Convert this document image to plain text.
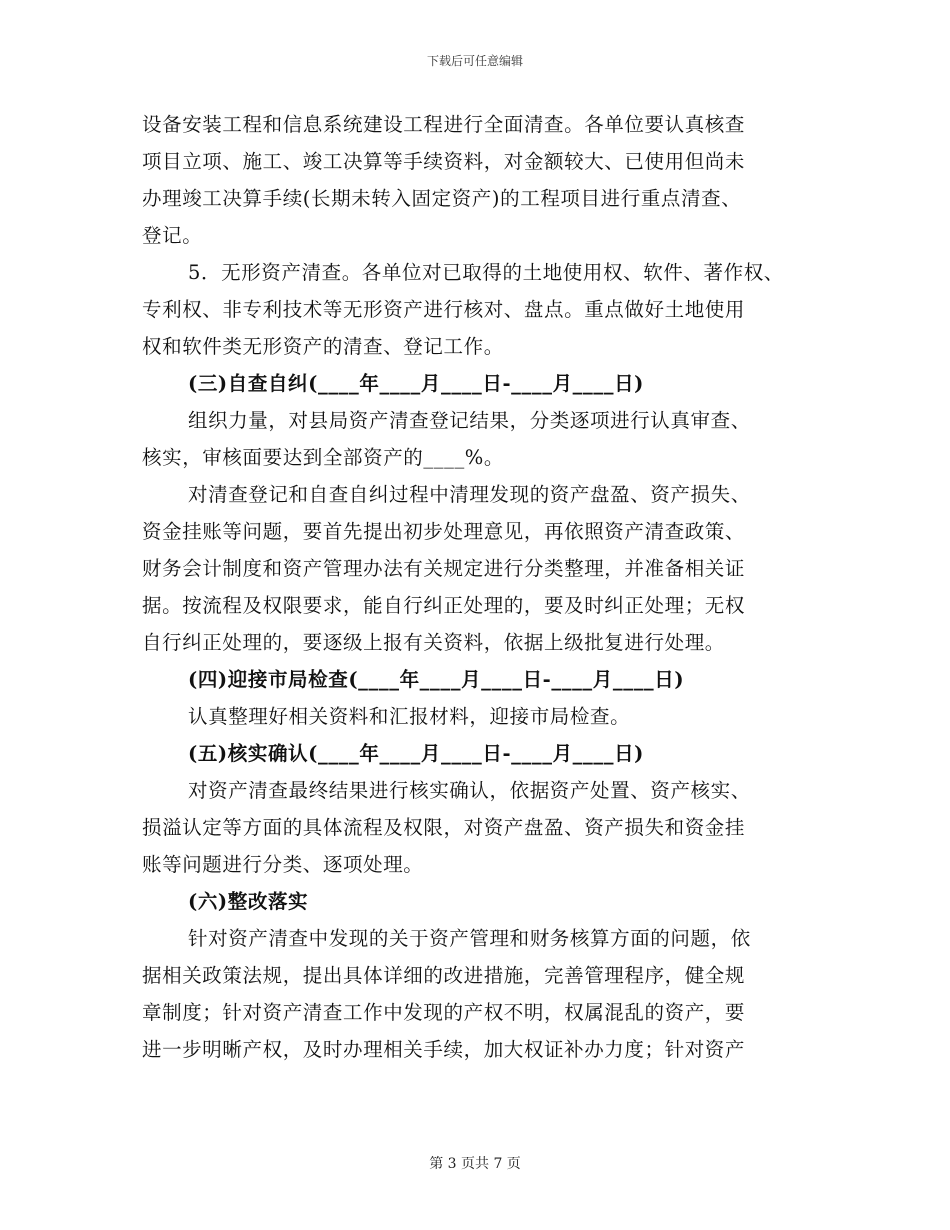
下载后可任意编辑
设备安装工程和信息系统建设工程进行全面清查。各单位要认真核查
项目立项、施工、竣工决算等手续资料，对金额较大、已使用但尚未
办理竣工决算手续(长期未转入固定资产)的工程项目进行重点清查、
登记。
5．无形资产清查。各单位对已取得的土地使用权、软件、著作权、
专利权、非专利技术等无形资产进行核对、盘点。重点做好土地使用
权和软件类无形资产的清查、登记工作。
(三)自查自纠(____年____月____日-____月____日)
组织力量，对县局资产清查登记结果，分类逐项进行认真审查、
核实，审核面要达到全部资产的____%。
对清查登记和自查自纠过程中清理发现的资产盘盈、资产损失、
资金挂账等问题，要首先提出初步处理意见，再依照资产清查政策、
财务会计制度和资产管理办法有关规定进行分类整理，并准备相关证
据。按流程及权限要求，能自行纠正处理的，要及时纠正处理；无权
自行纠正处理的，要逐级上报有关资料，依据上级批复进行处理。
(四)迎接市局检查(____年____月____日-____月____日)
认真整理好相关资料和汇报材料，迎接市局检查。
(五)核实确认(____年____月____日-____月____日)
对资产清查最终结果进行核实确认，依据资产处置、资产核实、
损溢认定等方面的具体流程及权限，对资产盘盈、资产损失和资金挂
账等问题进行分类、逐项处理。
(六)整改落实
针对资产清查中发现的关于资产管理和财务核算方面的问题，依
据相关政策法规，提出具体详细的改进措施，完善管理程序，健全规
章制度；针对资产清查工作中发现的产权不明，权属混乱的资产，要
进一步明晰产权，及时办理相关手续，加大权证补办力度；针对资产
第 3 页共 7 页
